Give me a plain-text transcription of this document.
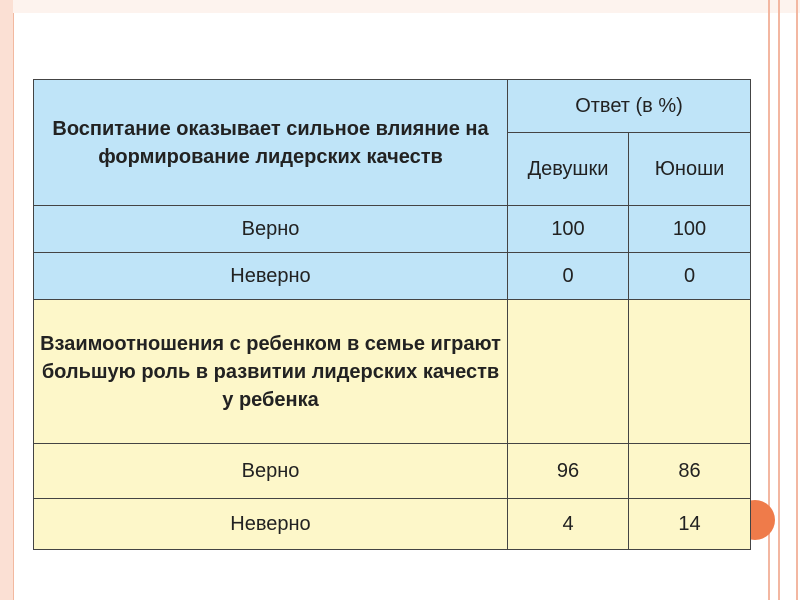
Воспитание оказывает сильное влияние на формирование лидерских качеств	Ответ (в %)	
	Девушки	Юноши
Верно	100	100
Неверно	0	0
Взаимоотношения с ребенком в семье играют большую роль в развитии лидерских качеств у ребенка		
Верно	96	86
Неверно	4	14
